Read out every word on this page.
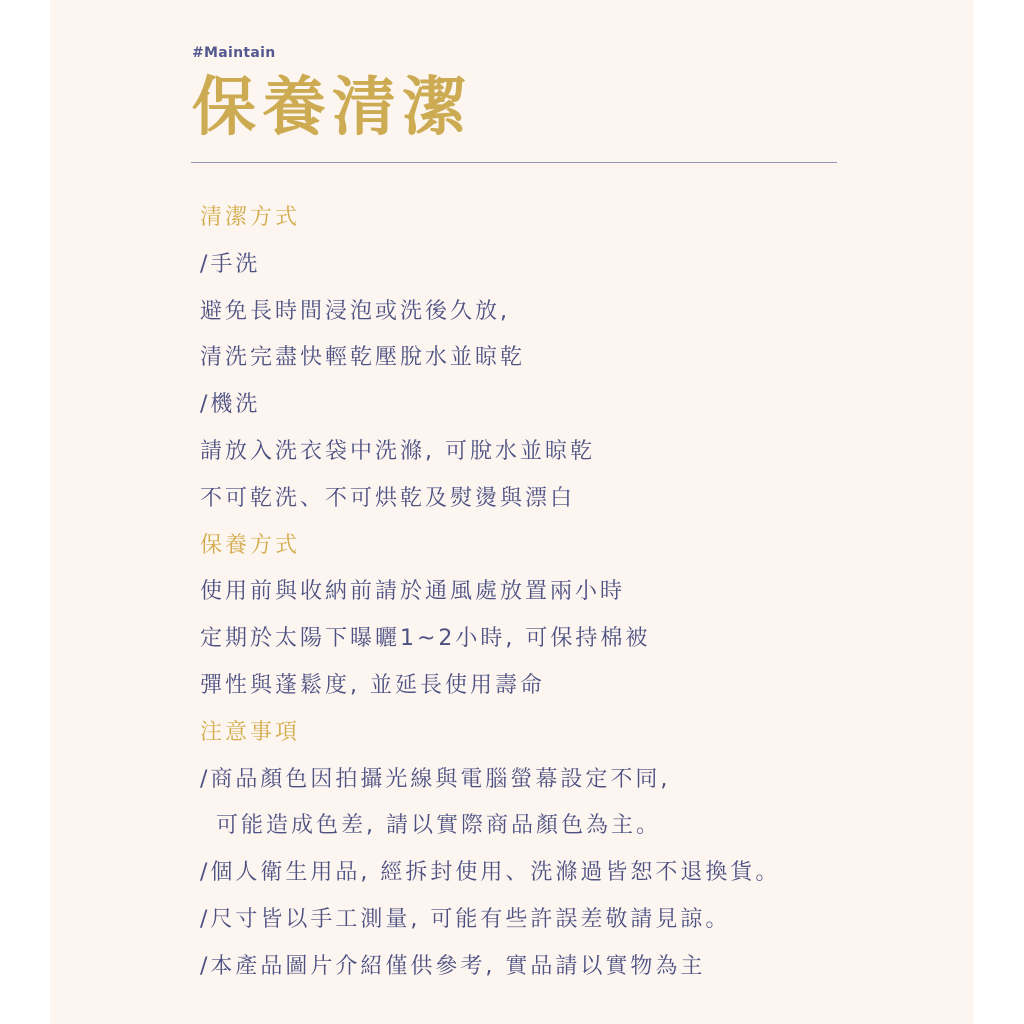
#Maintain
保養清潔
清潔方式
/手洗
避免長時間浸泡或洗後久放,
清洗完盡快輕乾壓脫水並晾乾
/機洗
請放入洗衣袋中洗滌, 可脫水並晾乾
不可乾洗、不可烘乾及熨燙與漂白
保養方式
使用前與收納前請於通風處放置兩小時
定期於太陽下曝曬1~2小時, 可保持棉被
彈性與蓬鬆度, 並延長使用壽命
注意事項
/商品顏色因拍攝光線與電腦螢幕設定不同,
可能造成色差, 請以實際商品顏色為主。
/個人衛生用品, 經拆封使用、洗滌過皆恕不退換貨。
/尺寸皆以手工測量, 可能有些許誤差敬請見諒。
/本產品圖片介紹僅供參考, 實品請以實物為主
